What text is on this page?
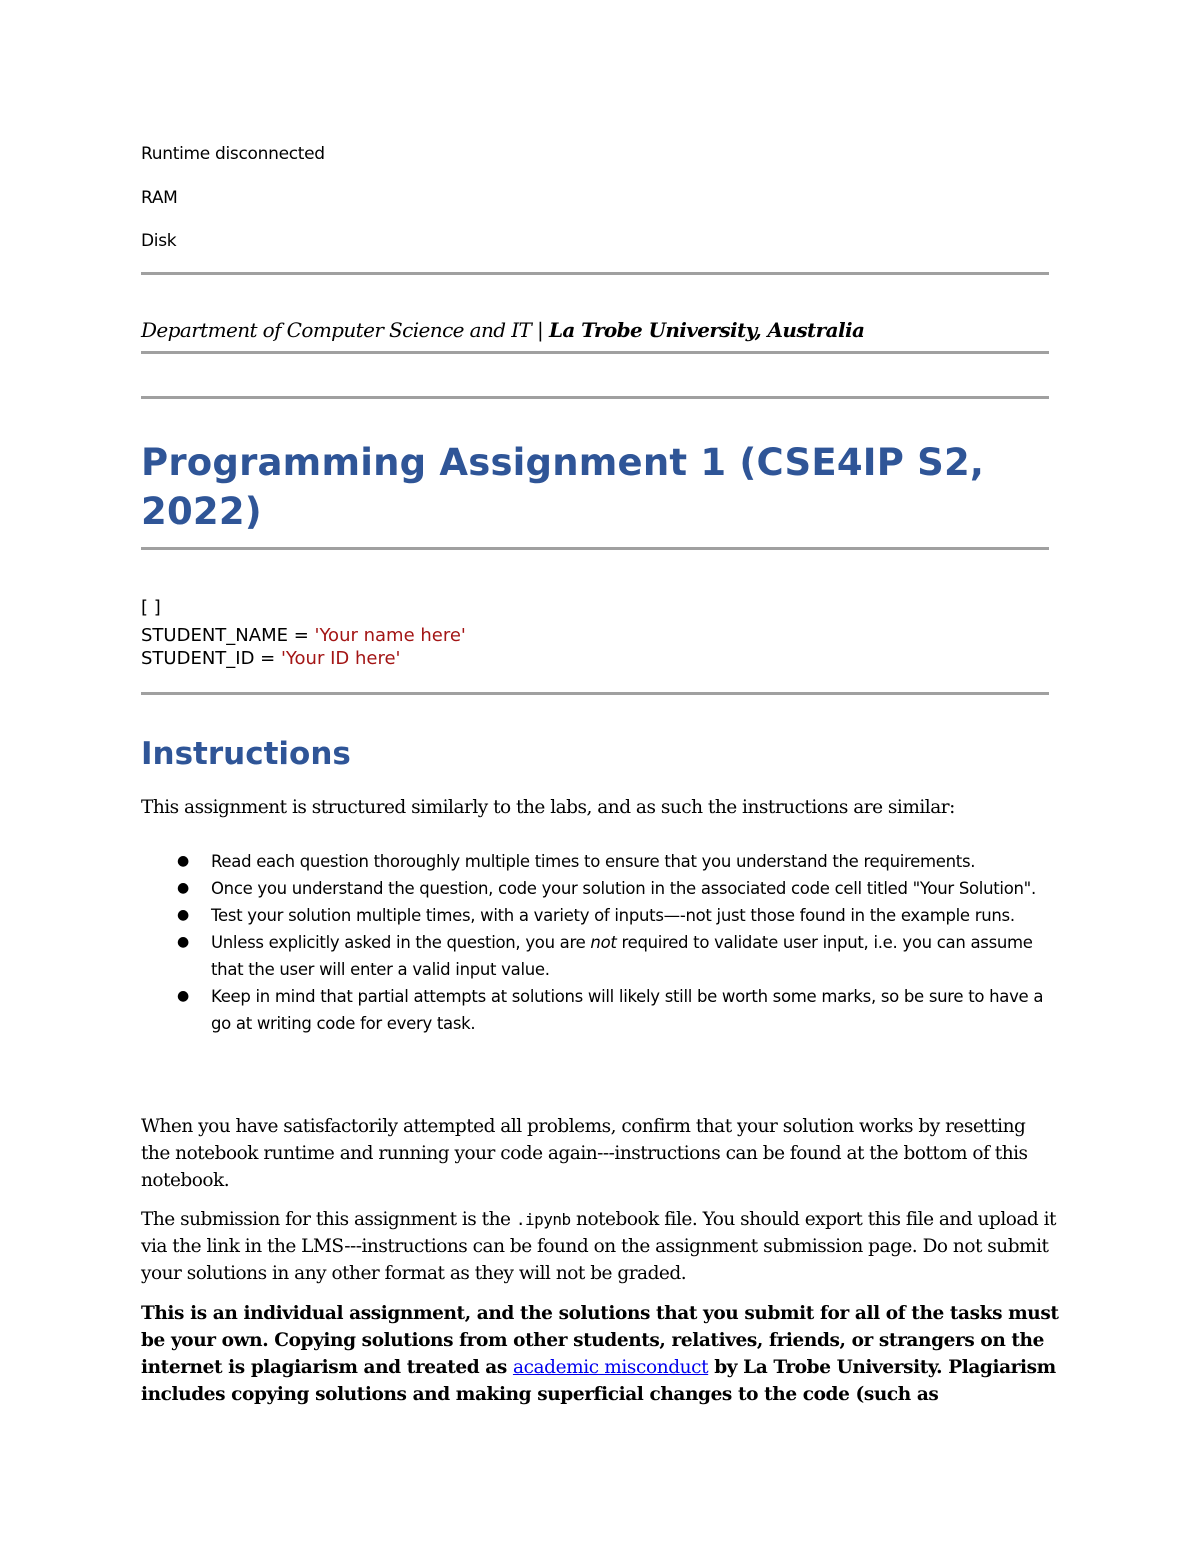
Runtime disconnected
RAM
Disk
Department of Computer Science and IT | La Trobe University, Australia
Programming Assignment 1 (CSE4IP S2, 2022)
[ ]
STUDENT_NAME = 'Your name here'
STUDENT_ID = 'Your ID here'
Instructions
This assignment is structured similarly to the labs, and as such the instructions are similar:
● Read each question thoroughly multiple times to ensure that you understand the requirements.
● Once you understand the question, code your solution in the associated code cell titled "Your Solution".
● Test your solution multiple times, with a variety of inputs—-not just those found in the example runs.
● Unless explicitly asked in the question, you are not required to validate user input, i.e. you can assume that the user will enter a valid input value.
● Keep in mind that partial attempts at solutions will likely still be worth some marks, so be sure to have a go at writing code for every task.
When you have satisfactorily attempted all problems, confirm that your solution works by resetting the notebook runtime and running your code again---instructions can be found at the bottom of this notebook.
The submission for this assignment is the .ipynb notebook file. You should export this file and upload it via the link in the LMS---instructions can be found on the assignment submission page. Do not submit your solutions in any other format as they will not be graded.
This is an individual assignment, and the solutions that you submit for all of the tasks must be your own. Copying solutions from other students, relatives, friends, or strangers on the internet is plagiarism and treated as academic misconduct by La Trobe University. Plagiarism includes copying solutions and making superficial changes to the code (such as
